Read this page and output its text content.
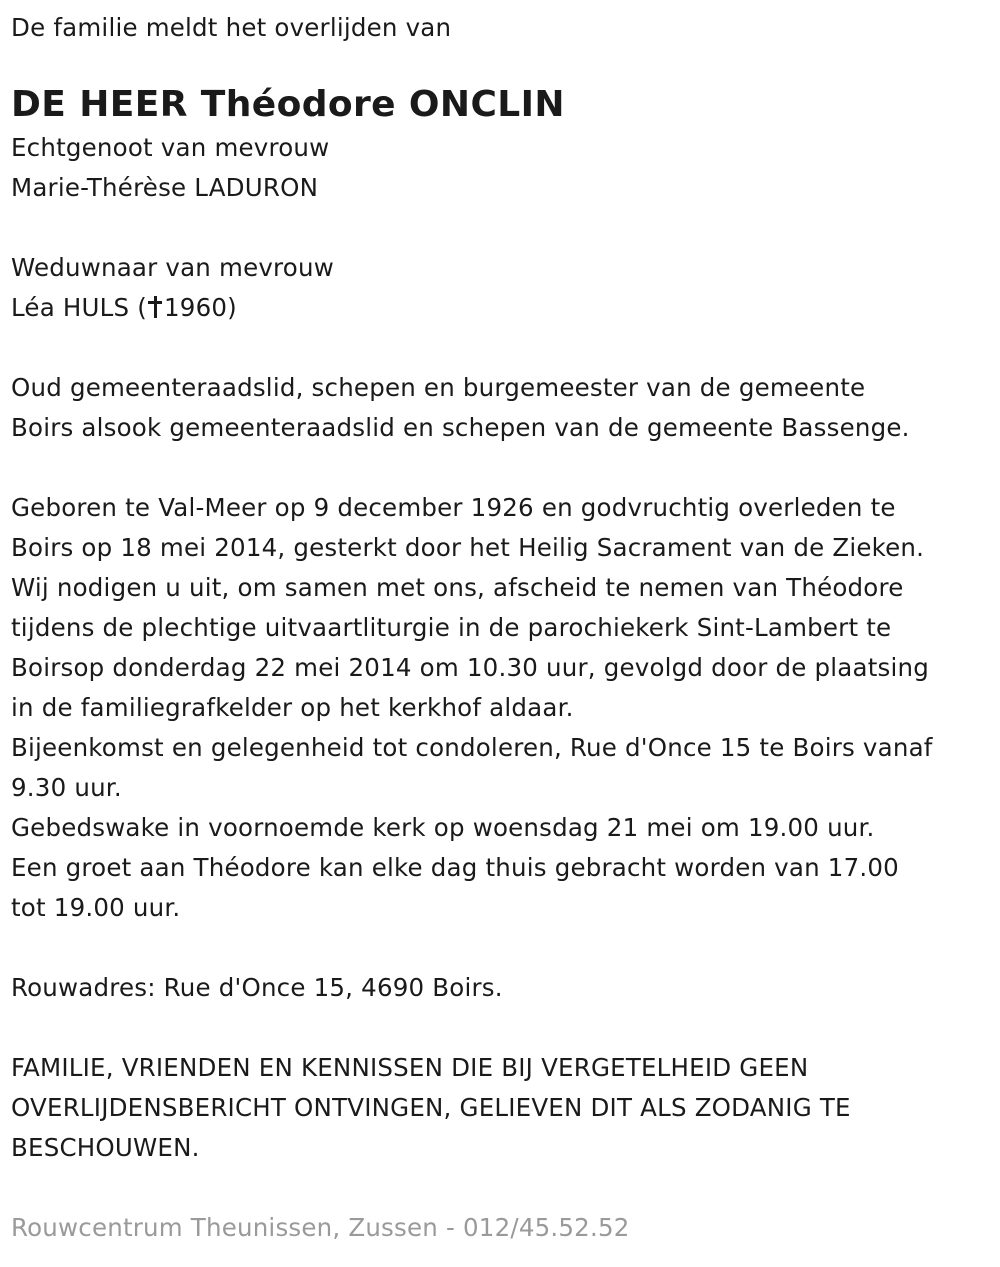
De familie meldt het overlijden van
DE HEER Théodore ONCLIN
Echtgenoot van mevrouw
Marie-Thérèse LADURON
Weduwnaar van mevrouw
Léa HULS ( 1960)
Oud gemeenteraadslid, schepen en burgemeester van de gemeente
Boirs alsook gemeenteraadslid en schepen van de gemeente Bassenge.
Geboren te Val-Meer op 9 december 1926 en godvruchtig overleden te
Boirs op 18 mei 2014, gesterkt door het Heilig Sacrament van de Zieken.
Wij nodigen u uit, om samen met ons, afscheid te nemen van Théodore
tijdens de plechtige uitvaartliturgie in de parochiekerk Sint-Lambert te
Boirsop donderdag 22 mei 2014 om 10.30 uur, gevolgd door de plaatsing
in de familiegrafkelder op het kerkhof aldaar.
Bijeenkomst en gelegenheid tot condoleren, Rue d'Once 15 te Boirs vanaf
9.30 uur.
Gebedswake in voornoemde kerk op woensdag 21 mei om 19.00 uur.
Een groet aan Théodore kan elke dag thuis gebracht worden van 17.00
tot 19.00 uur.
Rouwadres: Rue d'Once 15, 4690 Boirs.
FAMILIE, VRIENDEN EN KENNISSEN DIE BIJ VERGETELHEID GEEN
OVERLIJDENSBERICHT ONTVINGEN, GELIEVEN DIT ALS ZODANIG TE
BESCHOUWEN.
Rouwcentrum Theunissen, Zussen - 012/45.52.52
